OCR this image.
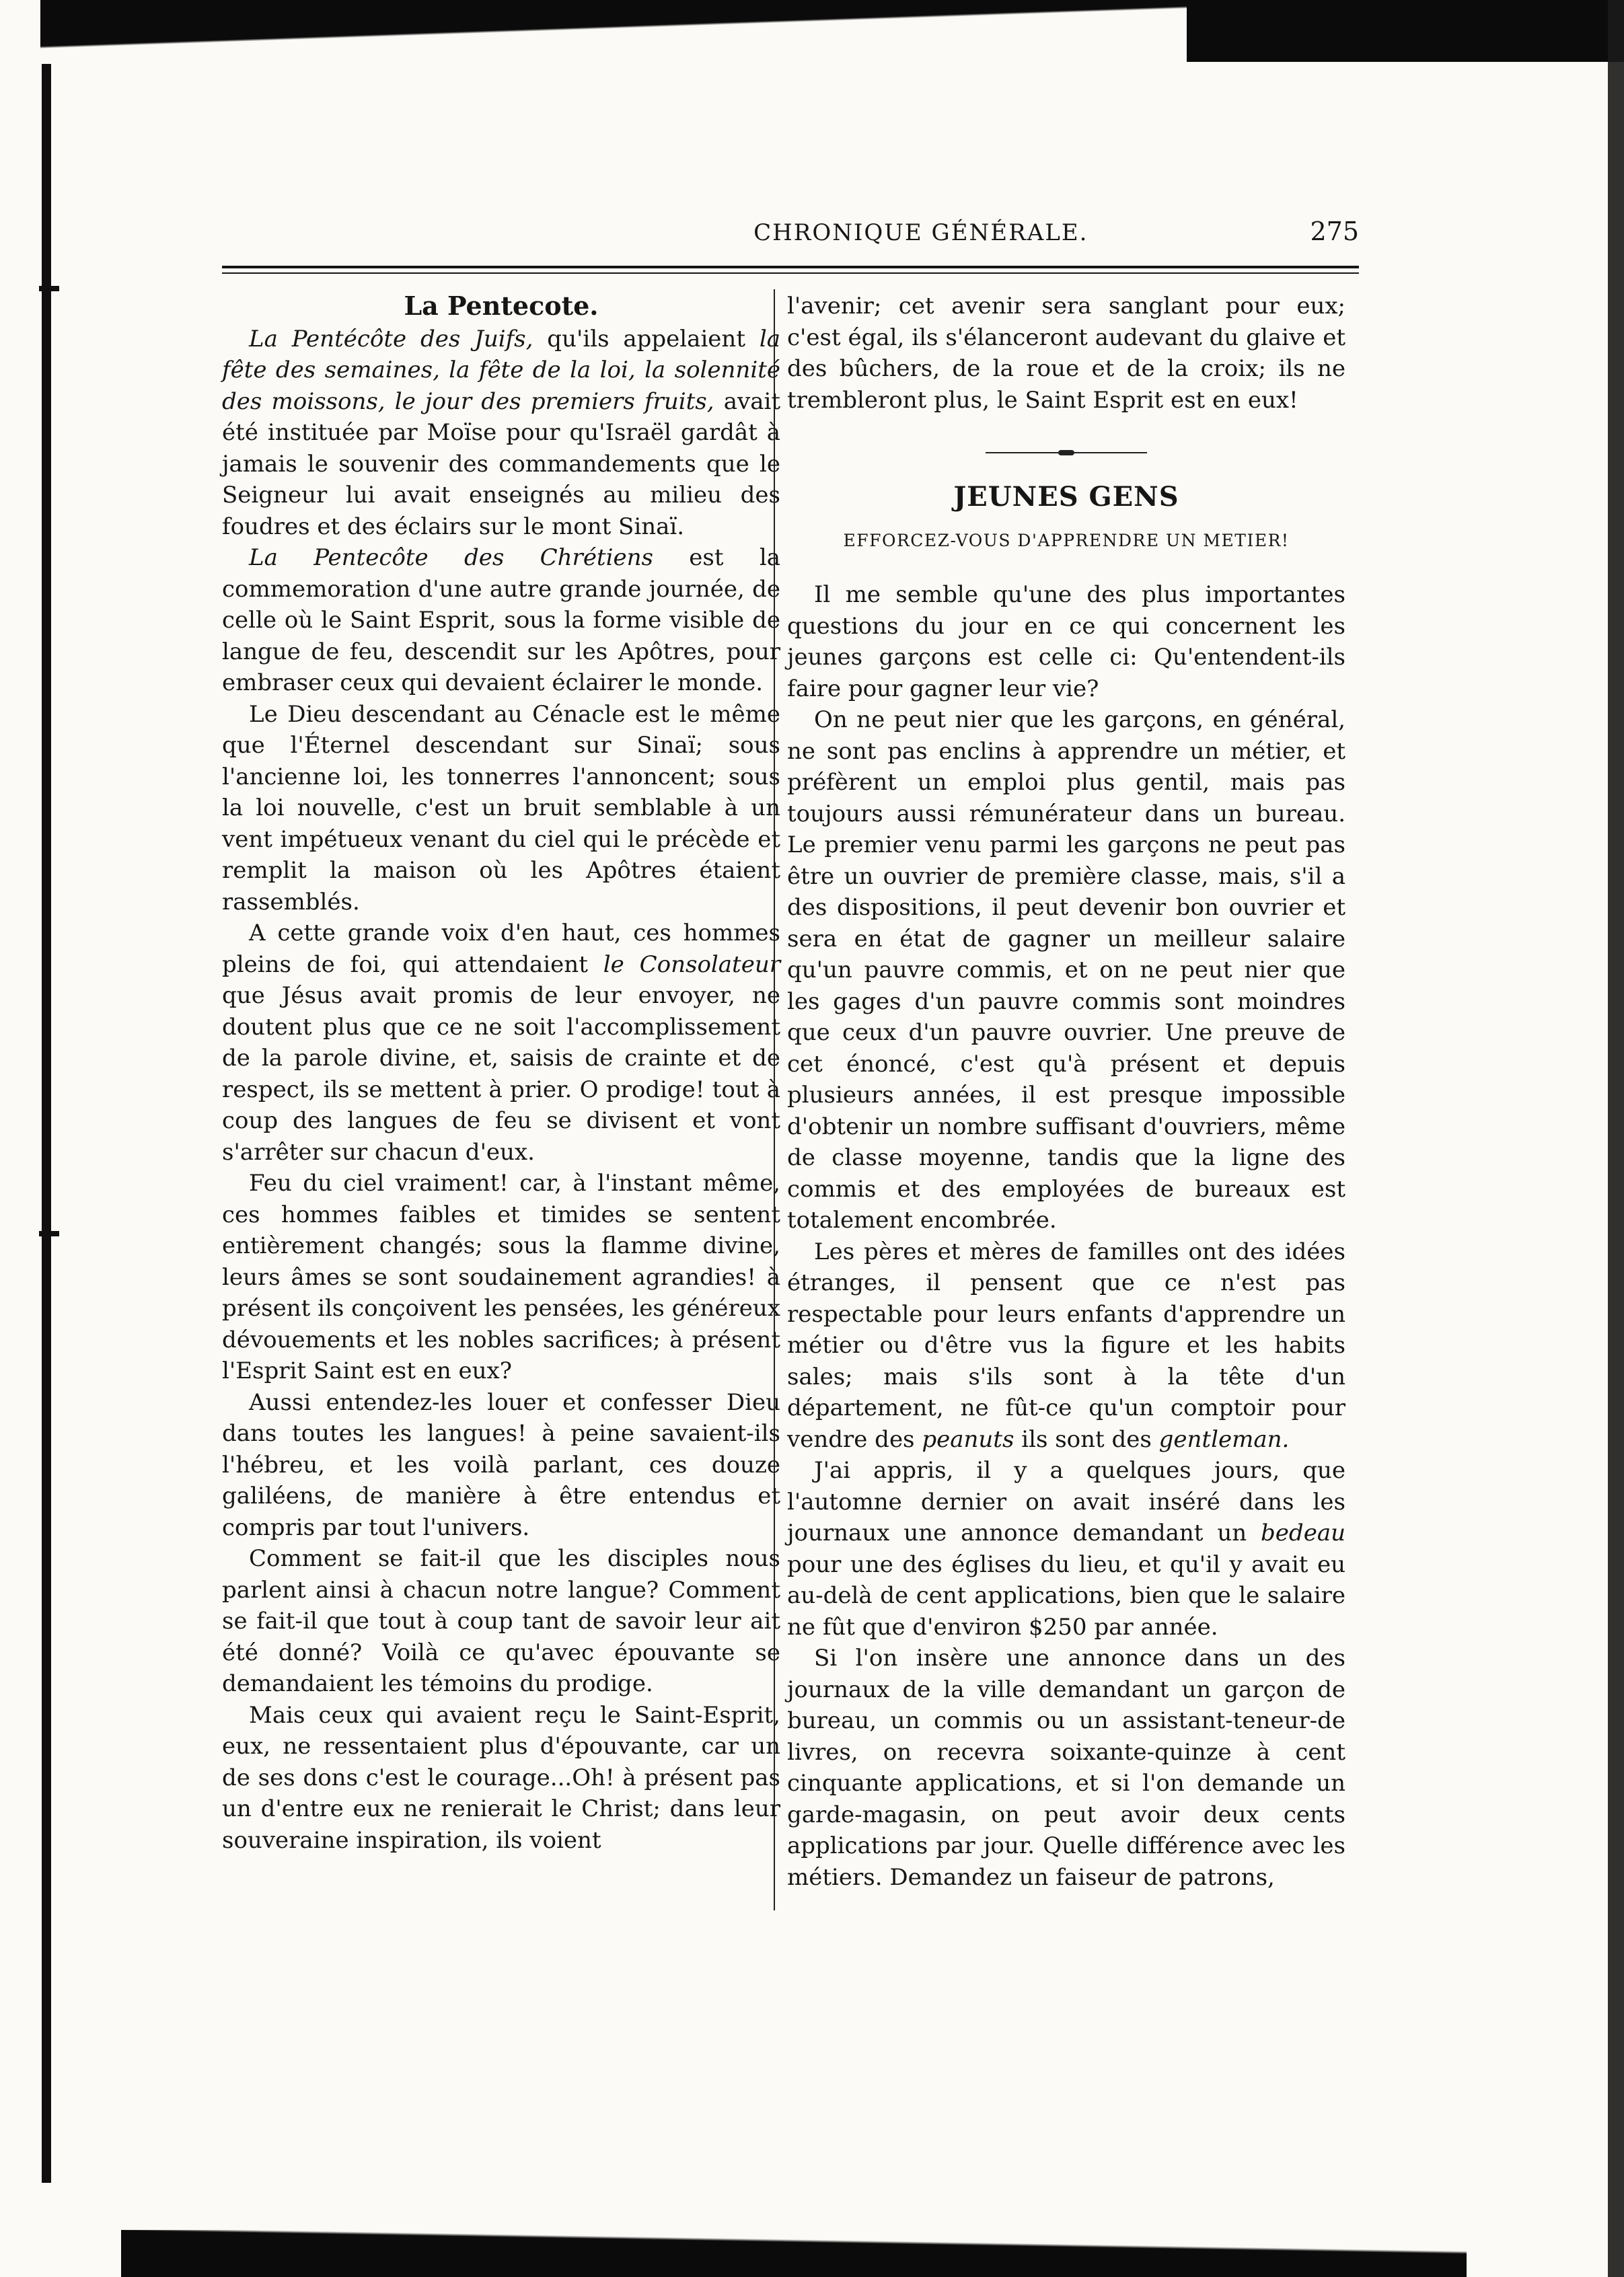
CHRONIQUE GÉNÉRALE.	275
La Pentecote.

La Pentécôte des Juifs, qu'ils appelaient la fête des semaines, la fête de la loi, la solennité des moissons, le jour des premiers fruits, avait été instituée par Moïse pour qu'Israël gardât à jamais le souvenir des commandements que le Seigneur lui avait enseignés au milieu des foudres et des éclairs sur le mont Sinaï.

La Pentecôte des Chrétiens est la commemoration d'une autre grande journée, de celle où le Saint Esprit, sous la forme visible de langue de feu, descendit sur les Apôtres, pour embraser ceux qui devaient éclairer le monde.

Le Dieu descendant au Cénacle est le même que l'Éternel descendant sur Sinaï; sous l'ancienne loi, les tonnerres l'annoncent; sous la loi nouvelle, c'est un bruit semblable à un vent impétueux venant du ciel qui le précède et remplit la maison où les Apôtres étaient rassemblés.

A cette grande voix d'en haut, ces hommes pleins de foi, qui attendaient le Consolateur que Jésus avait promis de leur envoyer, ne doutent plus que ce ne soit l'accomplissement de la parole divine, et, saisis de crainte et de respect, ils se mettent à prier. O prodige! tout à coup des langues de feu se divisent et vont s'arrêter sur chacun d'eux.

Feu du ciel vraiment! car, à l'instant même, ces hommes faibles et timides se sentent entièrement changés; sous la flamme divine, leurs âmes se sont soudainement agrandies! à présent ils conçoivent les pensées, les généreux dévouements et les nobles sacrifices; à présent l'Esprit Saint est en eux?

Aussi entendez-les louer et confesser Dieu dans toutes les langues! à peine savaient-ils l'hébreu, et les voilà parlant, ces douze galiléens, de manière à être entendus et compris par tout l'univers.

Comment se fait-il que les disciples nous parlent ainsi à chacun notre langue? Comment se fait-il que tout à coup tant de savoir leur ait été donné? Voilà ce qu'avec épouvante se demandaient les témoins du prodige.

Mais ceux qui avaient reçu le Saint-Esprit, eux, ne ressentaient plus d'épouvante, car un de ses dons c'est le courage...Oh! à présent pas un d'entre eux ne renierait le Christ; dans leur souveraine inspiration, ils voient

l'avenir; cet avenir sera sanglant pour eux; c'est égal, ils s'élanceront audevant du glaive et des bûchers, de la roue et de la croix; ils ne trembleront plus, le Saint Esprit est en eux!

JEUNES GENS
EFFORCEZ-VOUS D'APPRENDRE UN METIER!

Il me semble qu'une des plus importantes questions du jour en ce qui concernent les jeunes garçons est celle ci: Qu'entendent-ils faire pour gagner leur vie?

On ne peut nier que les garçons, en général, ne sont pas enclins à apprendre un métier, et préfèrent un emploi plus gentil, mais pas toujours aussi rémunérateur dans un bureau. Le premier venu parmi les garçons ne peut pas être un ouvrier de première classe, mais, s'il a des dispositions, il peut devenir bon ouvrier et sera en état de gagner un meilleur salaire qu'un pauvre commis, et on ne peut nier que les gages d'un pauvre commis sont moindres que ceux d'un pauvre ouvrier. Une preuve de cet énoncé, c'est qu'à présent et depuis plusieurs années, il est presque impossible d'obtenir un nombre suffisant d'ouvriers, même de classe moyenne, tandis que la ligne des commis et des employées de bureaux est totalement encombrée.

Les pères et mères de familles ont des idées étranges, il pensent que ce n'est pas respectable pour leurs enfants d'apprendre un métier ou d'être vus la figure et les habits sales; mais s'ils sont à la tête d'un département, ne fût-ce qu'un comptoir pour vendre des peanuts ils sont des gentleman.

J'ai appris, il y a quelques jours, que l'automne dernier on avait inséré dans les journaux une annonce demandant un bedeau pour une des églises du lieu, et qu'il y avait eu au-delà de cent applications, bien que le salaire ne fût que d'environ $250 par année.

Si l'on insère une annonce dans un des journaux de la ville demandant un garçon de bureau, un commis ou un assistant-teneur-de livres, on recevra soixante-quinze à cent cinquante applications, et si l'on demande un garde-magasin, on peut avoir deux cents applications par jour. Quelle différence avec les métiers. Demandez un faiseur de patrons,
